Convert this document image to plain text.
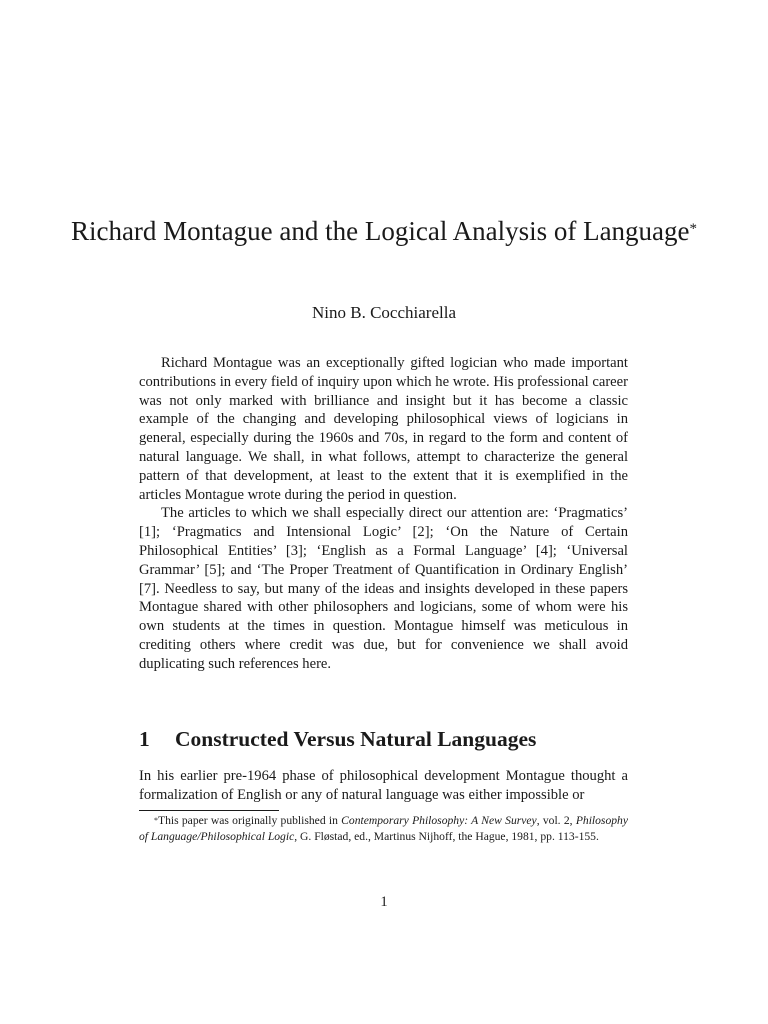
Richard Montague and the Logical Analysis of Language*
Nino B. Cocchiarella

Richard Montague was an exceptionally gifted logician who made important contributions in every field of inquiry upon which he wrote. His professional career was not only marked with brilliance and insight but it has become a classic example of the changing and developing philosophical views of logicians in general, especially during the 1960s and 70s, in regard to the form and content of natural language. We shall, in what follows, attempt to characterize the general pattern of that development, at least to the extent that it is exemplified in the articles Montague wrote during the period in question.

The articles to which we shall especially direct our attention are: ‘Pragmatics’ [1]; ‘Pragmatics and Intensional Logic’ [2]; ‘On the Nature of Certain Philosophical Entities’ [3]; ‘English as a Formal Language’ [4]; ‘Universal Grammar’ [5]; and ‘The Proper Treatment of Quantification in Ordinary English’ [7]. Needless to say, but many of the ideas and insights developed in these papers Montague shared with other philosophers and logicians, some of whom were his own students at the times in question. Montague himself was meticulous in crediting others where credit was due, but for convenience we shall avoid duplicating such references here.

1 Constructed Versus Natural Languages

In his earlier pre-1964 phase of philosophical development Montague thought a formalization of English or any of natural language was either impossible or

*This paper was originally published in Contemporary Philosophy: A New Survey, vol. 2, Philosophy of Language/Philosophical Logic, G. Fløstad, ed., Martinus Nijhoff, the Hague, 1981, pp. 113-155.

1
